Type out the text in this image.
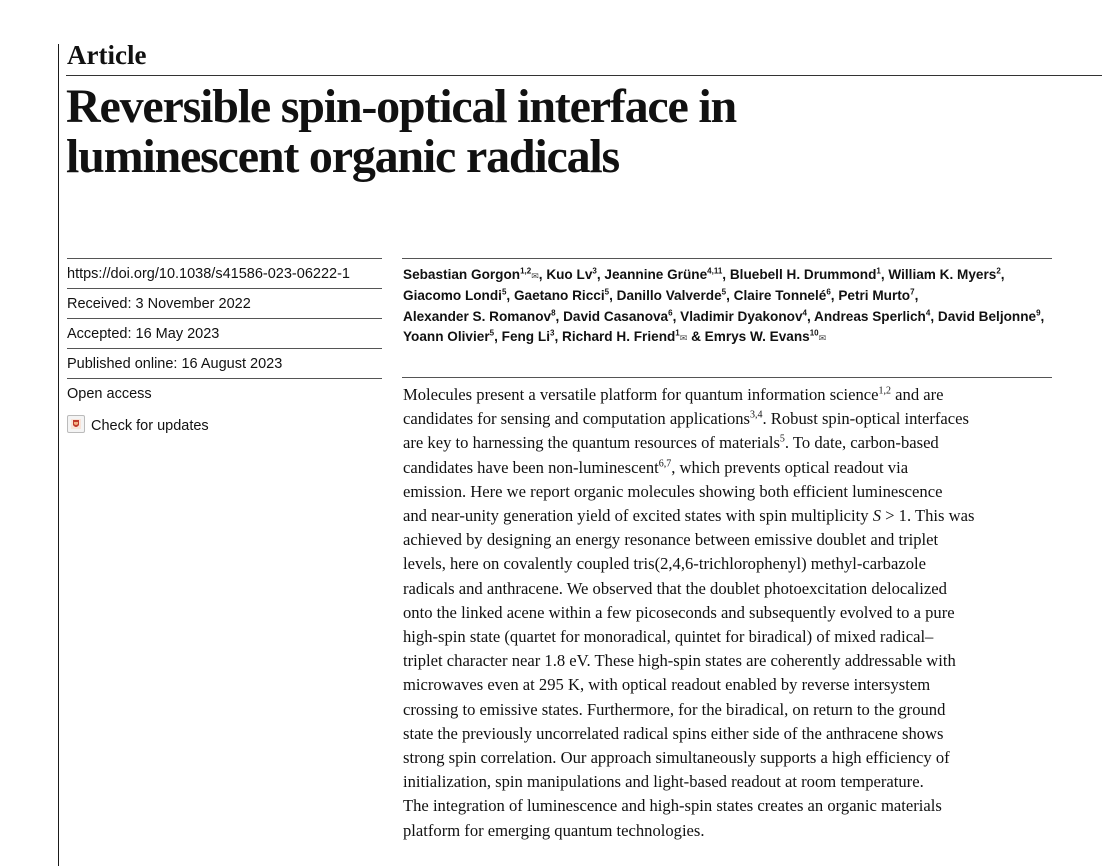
Article
Reversible spin-optical interface in
luminescent organic radicals
https://doi.org/10.1038/s41586-023-06222-1
Received: 3 November 2022
Accepted: 16 May 2023
Published online: 16 August 2023
Open access
Check for updates

Sebastian Gorgon$^{1,2}$✉, Kuo Lv$^3$, Jeannine Grüne$^{4,11}$, Bluebell H. Drummond$^1$, William K. Myers$^2$,
Giacomo Londi$^5$, Gaetano Ricci$^5$, Danillo Valverde$^5$, Claire Tonnelé$^6$, Petri Murto$^7$,
Alexander S. Romanov$^8$, David Casanova$^6$, Vladimir Dyakonov$^4$, Andreas Sperlich$^4$, David Beljonne$^9$,
Yoann Olivier$^5$, Feng Li$^3$, Richard H. Friend$^1$✉ & Emrys W. Evans$^{10}$✉

Molecules present a versatile platform for quantum information science$^{1,2}$ and are
candidates for sensing and computation applications$^{3,4}$. Robust spin-optical interfaces
are key to harnessing the quantum resources of materials$^5$. To date, carbon-based
candidates have been non-luminescent$^{6,7}$, which prevents optical readout via
emission. Here we report organic molecules showing both efficient luminescence
and near-unity generation yield of excited states with spin multiplicity S > 1. This was
achieved by designing an energy resonance between emissive doublet and triplet
levels, here on covalently coupled tris(2,4,6-trichlorophenyl) methyl-carbazole
radicals and anthracene. We observed that the doublet photoexcitation delocalized
onto the linked acene within a few picoseconds and subsequently evolved to a pure
high-spin state (quartet for monoradical, quintet for biradical) of mixed radical–
triplet character near 1.8 eV. These high-spin states are coherently addressable with
microwaves even at 295 K, with optical readout enabled by reverse intersystem
crossing to emissive states. Furthermore, for the biradical, on return to the ground
state the previously uncorrelated radical spins either side of the anthracene shows
strong spin correlation. Our approach simultaneously supports a high efficiency of
initialization, spin manipulations and light-based readout at room temperature.
The integration of luminescence and high-spin states creates an organic materials
platform for emerging quantum technologies.
